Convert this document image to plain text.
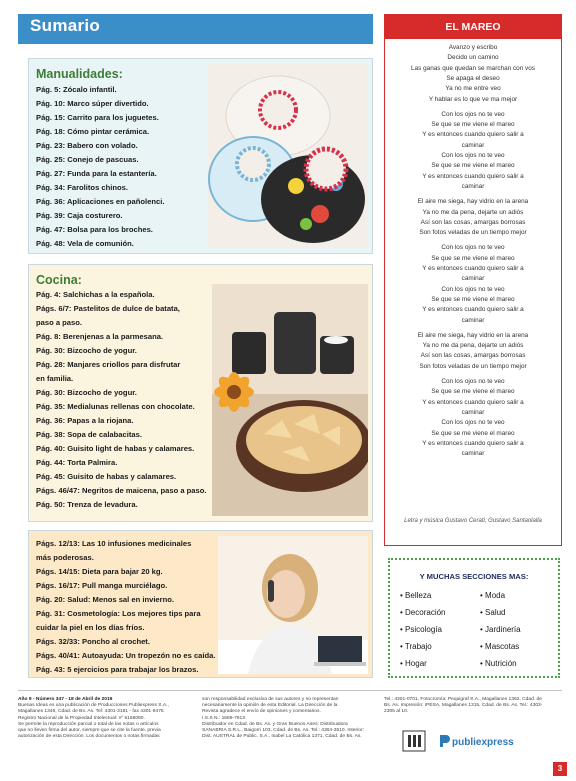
Sumario
Manualidades:
Pág. 5: Zócalo infantil.
Pág. 10: Marco súper divertido.
Pág. 15: Carrito para los juguetes.
Pág. 18: Cómo pintar cerámica.
Pág. 23: Babero con volado.
Pág. 25: Conejo de pascuas.
Pág. 27: Funda para la estantería.
Pág. 34: Farolitos chinos.
Pág. 36: Aplicaciones en pañolenci.
Pág. 39: Caja costurero.
Pág. 47: Bolsa para los broches.
Pág. 48: Vela de comunión.
Cocina:
Pág. 4: Salchichas a la española.
Págs. 6/7: Pastelitos de dulce de batata,
paso a paso.
Pág. 8: Berenjenas a la parmesana.
Pág. 30: Bizcocho de yogur.
Pág. 28: Manjares criollos para disfrutar
en familia.
Pág. 30: Bizcocho de yogur.
Pág. 35: Medialunas rellenas con chocolate.
Pág. 36: Papas a la riojana.
Pág. 38: Sopa de calabacitas.
Pág. 40: Guisito light de habas y calamares.
Pág. 44: Torta Palmira.
Pág. 45: Guisito de habas y calamares.
Págs. 46/47: Negritos de maicena, paso a paso.
Pág. 50: Trenza de levadura.
Págs. 12/13: Las 10 infusiones medicinales
más poderosas.
Págs. 14/15: Dieta para bajar 20 kg.
Págs. 16/17: Pull manga murciélago.
Pág. 20: Salud: Menos sal en invierno.
Pág. 31: Cosmetología: Los mejores tips para
cuidar la piel en los días fríos.
Págs. 32/33: Poncho al crochet.
Págs. 40/41: Autoayuda: Un tropezón no es caída.
Pág. 43: 5 ejercicios para trabajar los brazos.
EL MAREO
Avanzo y escribo
Decido un camino
Las ganas que quedan se marchan con vos
Se apaga el deseo
Ya no me entre veo
Y hablar es lo que ve ma mejor
Con los ojos no te veo
Se que se me viene el mareo
Y es entonces cuando quiero salir a
caminar
Con los ojos no te veo
Se que se me viene el mareo
Y es entonces cuando quiero salir a
caminar
El aire me siega, hay vidrio en la arena
Ya no me da pena, dejarte un adiós
Así son las cosas, amargas borrosas
Son fotos veladas de un tiempo mejor
Con los ojos no te veo
Se que se me viene el mareo
Y es entonces cuando quiero salir a
caminar
Con los ojos no te veo
Se que se me viene el mareo
Y es entonces cuando quiero salir a
caminar
El aire me siega, hay vidrio en la arena
Ya no me da pena, dejarte un adiós
Así son las cosas, amargas borrosas
Son fotos veladas de un tiempo mejor
Con los ojos no te veo
Se que se me viene el mareo
Y es entonces cuando quiero salir a
caminar
Con los ojos no te veo
Se que se me viene el mareo
Y es entonces cuando quiero salir a
caminar
Letra y música Gustavo Cerati, Gustavo Santaolalla
Y MUCHAS SECCIONES MAS:
• Belleza
• Decoración
• Psicología
• Trabajo
• Hogar
• Moda
• Salud
• Jardinería
• Mascotas
• Nutrición
Año 9 - Número 347 - 18 de Abril de 2019
Buenas Ideas es una publicación de Producciones Publiexpress S.A.,
Magallanes 1346, Cdad. de Bs. As. Tel: 4301-3181 - fax 4301-9475
Registro Nacional de la Propiedad Intelectual: nº 5166090.
Se permite la reproducción parcial o total de las notas o artículos
que no lleven firma del autor, siempre que se cite la fuente, previa
autorización de esta Dirección. Los documentos o notas firmadas
son responsabilidad exclusiva de sus autores y no representan
necesariamente la opinión de esta Editorial. La Dirección de la
Revista agradece el envío de opiniones y comentarios.
I.S.S.N.: 1669-791X
Distribuidor en Cdad. de Bs. As. y Gran Buenos Aires: Distribuidora
SANABRIA S.R.L., Baigorri 103, Cdad. de Bs. As. Tel.: 4304-3510. Interior:
Dist. AUSTRAL de Public. S.A., Isabel La Católica 1371, Cdad. de Bs. As.
Tel.: 4301-0701. Fotocromía: Pequigraf S.A., Magallanes 1362, Cdad. de
Bs. As. Impresión: IPESA, Magallanes 1315, Cdad. de Bs. As. Tel.: 4303-
2305 al 10.
publiexpress
3
